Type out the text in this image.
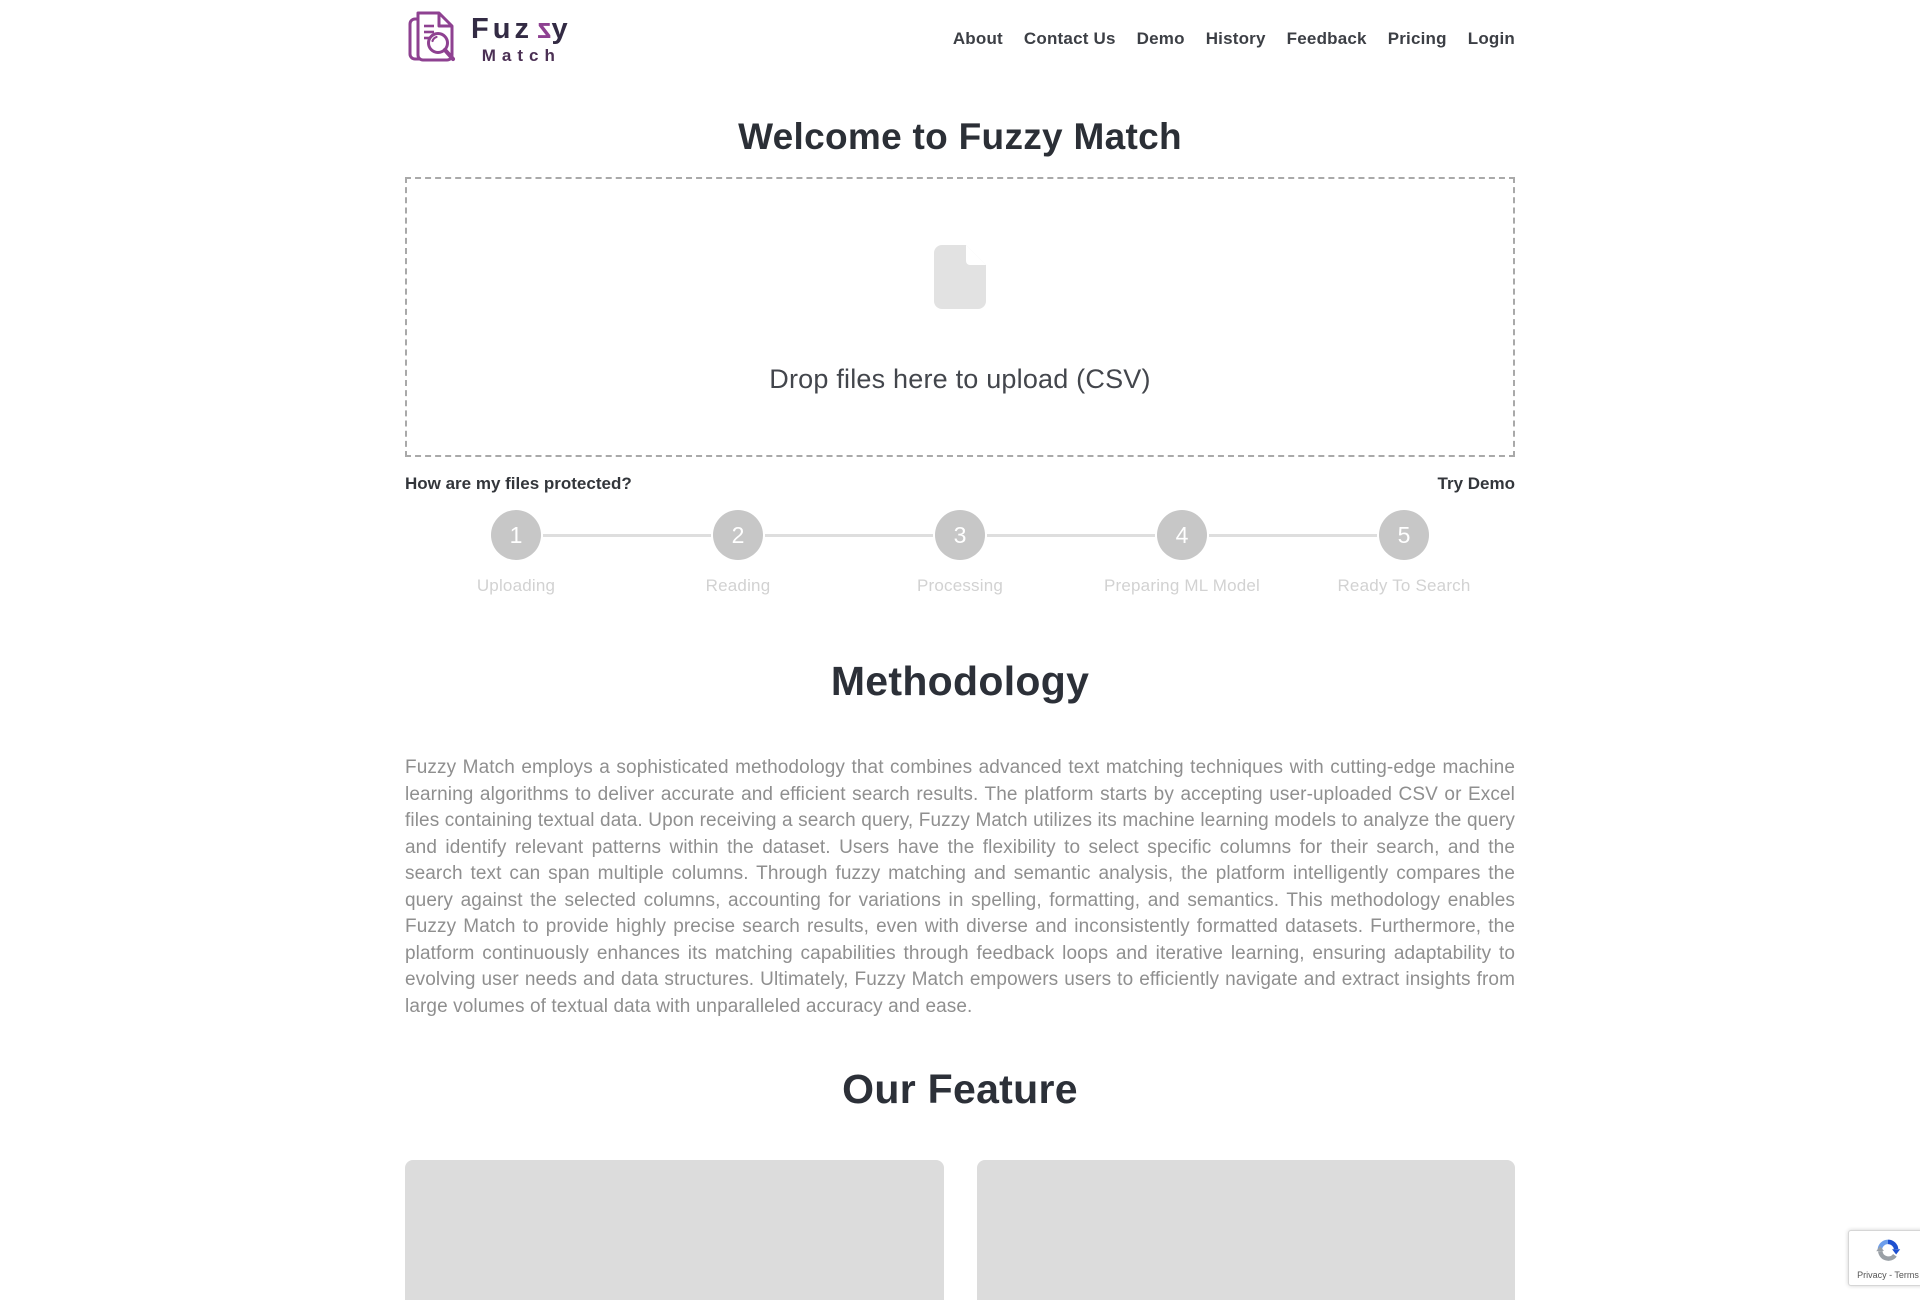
Fuzzy
Match
About Contact Us Demo History Feedback Pricing Login
Welcome to Fuzzy Match
Drop files here to upload (CSV)
How are my files protected?	Try Demo
1
Uploading
2
Reading
3
Processing
4
Preparing ML Model
5
Ready To Search
Methodology

Fuzzy Match employs a sophisticated methodology that combines advanced text matching techniques with cutting-edge machine learning algorithms to deliver accurate and efficient search results. The platform starts by accepting user-uploaded CSV or Excel files containing textual data. Upon receiving a search query, Fuzzy Match utilizes its machine learning models to analyze the query and identify relevant patterns within the dataset. Users have the flexibility to select specific columns for their search, and the search text can span multiple columns. Through fuzzy matching and semantic analysis, the platform intelligently compares the query against the selected columns, accounting for variations in spelling, formatting, and semantics. This methodology enables Fuzzy Match to provide highly precise search results, even with diverse and inconsistently formatted datasets. Furthermore, the platform continuously enhances its matching capabilities through feedback loops and iterative learning, ensuring adaptability to evolving user needs and data structures. Ultimately, Fuzzy Match empowers users to efficiently navigate and extract insights from large volumes of textual data with unparalleled accuracy and ease.

Our Feature
Privacy - Terms
